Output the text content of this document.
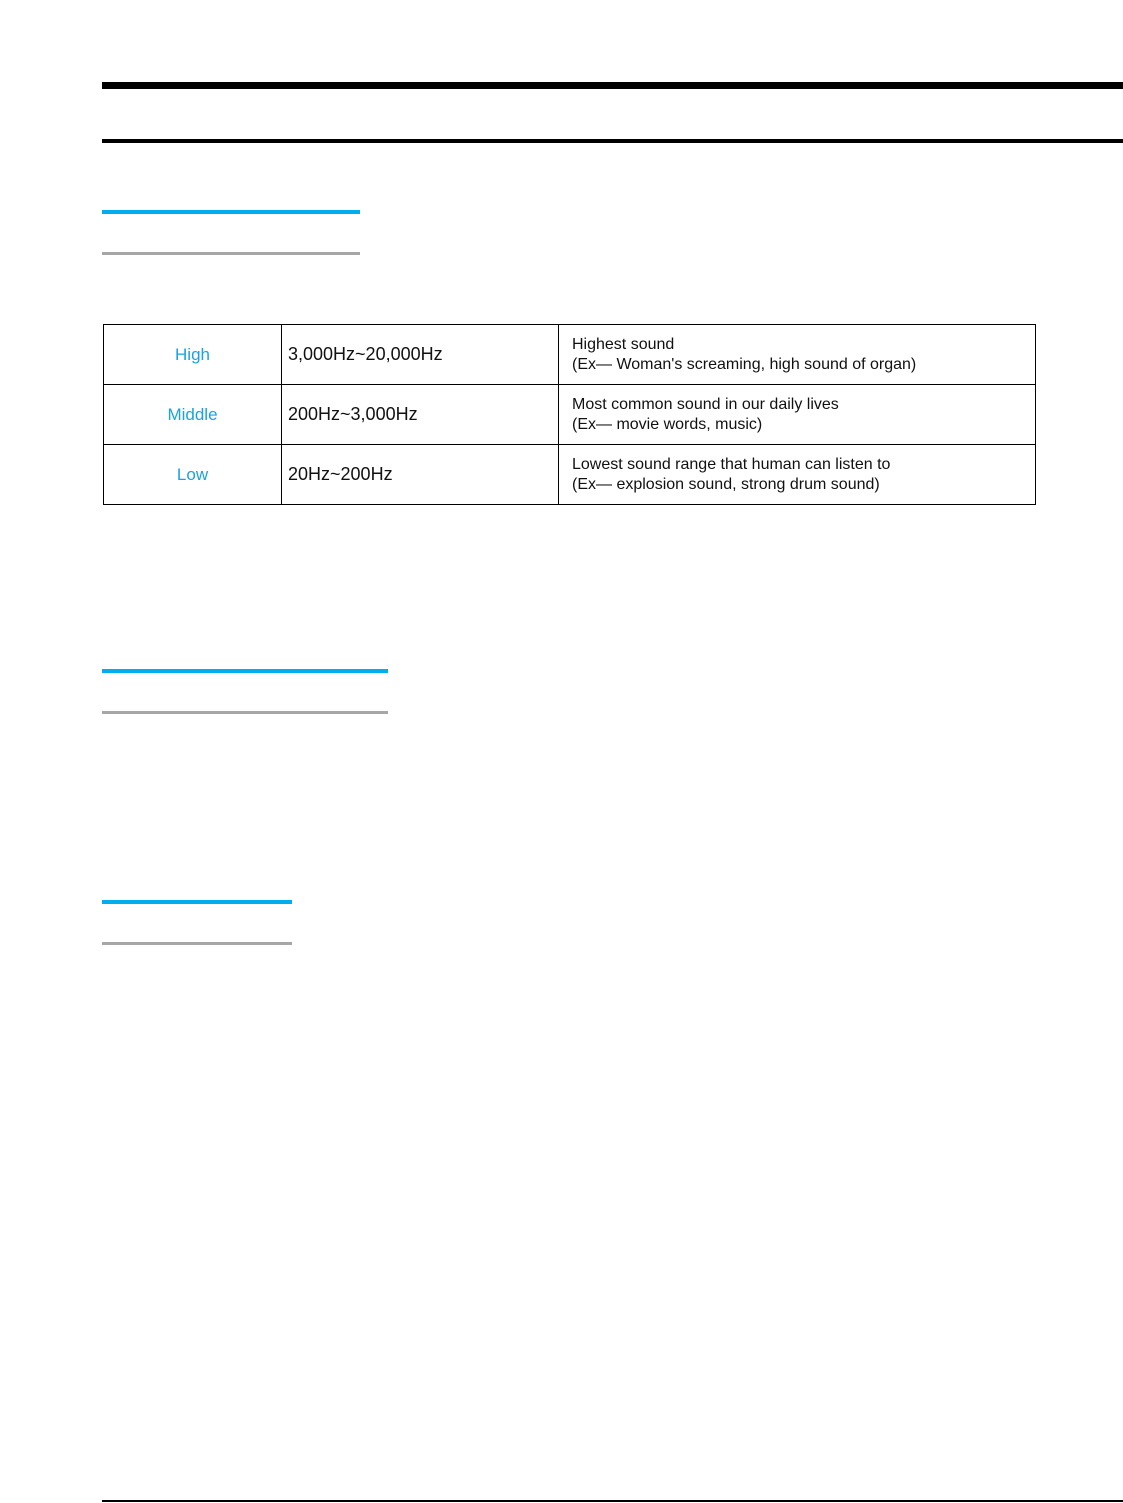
High	3,000Hz~20,000Hz	Highest sound
(Ex— Woman's screaming, high sound of organ)

Middle	200Hz~3,000Hz	Most common sound in our daily lives
(Ex— movie words, music)

Low	20Hz~200Hz	Lowest sound range that human can listen to
(Ex— explosion sound, strong drum sound)
